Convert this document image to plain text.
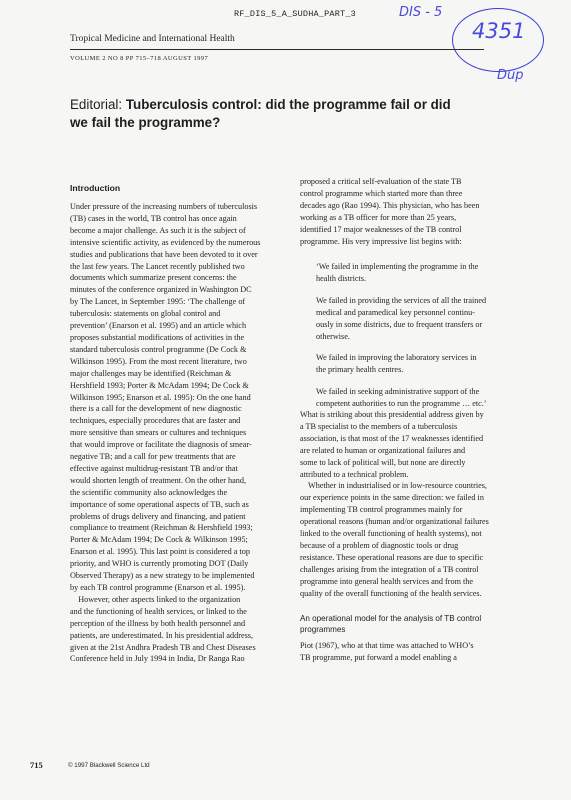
RF_DIS_5_A_SUDHA_PART_3	DIS - 5
4351
Dup
Tropical Medicine and International Health
VOLUME 2 NO 8 PP 715–718 AUGUST 1997
Editorial: Tuberculosis control: did the programme fail or did
we fail the programme?
Introduction
Under pressure of the increasing numbers of tuberculosis
(TB) cases in the world, TB control has once again
become a major challenge. As such it is the subject of
intensive scientific activity, as evidenced by the numerous
studies and publications that have been devoted to it over
the last few years. The Lancet recently published two
documents which summarize present concerns: the
minutes of the conference organized in Washington DC
by The Lancet, in September 1995: ‘The challenge of
tuberculosis: statements on global control and
prevention’ (Enarson et al. 1995) and an article which
proposes substantial modifications of activities in the
standard tuberculosis control programme (De Cock &
Wilkinson 1995). From the most recent literature, two
major challenges may be identified (Reichman &
Hershfield 1993; Porter & McAdam 1994; De Cock &
Wilkinson 1995; Enarson et al. 1995): On the one hand
there is a call for the development of new diagnostic
techniques, especially procedures that are faster and
more sensitive than smears or cultures and techniques
that would improve or facilitate the diagnosis of smear-
negative TB; and a call for pew treatments that are
effective against multidrug-resistant TB and/or that
would shorten length of treatment. On the other hand,
the scientific community also acknowledges the
importance of some operational aspects of TB, such as
problems of drugs delivery and financing, and patient
compliance to treatment (Reichman & Hershfield 1993;
Porter & McAdam 1994; De Cock & Wilkinson 1995;
Enarson et al. 1995). This last point is considered a top
priority, and WHO is currently promoting DOT (Daily
Observed Therapy) as a new strategy to be implemented
by each TB control programme (Enarson et al. 1995).
However, other aspects linked to the organization
and the functioning of health services, or linked to the
perception of the illness by both health personnel and
patients, are underestimated. In his presidential address,
given at the 21st Andhra Pradesh TB and Chest Diseases
Conference held in July 1994 in India, Dr Ranga Rao
proposed a critical self-evaluation of the state TB
control programme which started more than three
decades ago (Rao 1994). This physician, who has been
working as a TB officer for more than 25 years,
identified 17 major weaknesses of the TB control
programme. His very impressive list begins with:
‘We failed in implementing the programme in the
health districts.
We failed in providing the services of all the trained
medical and paramedical key personnel continu-
ously in some districts, due to frequent transfers or
otherwise.
We failed in improving the laboratory services in
the primary health centres.
We failed in seeking administrative support of the
competent authorities to run the programme … etc.’
What is striking about this presidential address given by
a TB specialist to the members of a tuberculosis
association, is that most of the 17 weaknesses identified
are related to human or organizational failures and
some to lack of political will, but none are directly
attributed to a technical problem.
Whether in industrialised or in low-resource countries,
our experience points in the same direction: we failed in
implementing TB control programmes mainly for
operational reasons (human and/or organizational failures
linked to the overall functioning of health systems), not
because of a problem of diagnostic tools or drug
resistance. These operational reasons are due to specific
challenges arising from the integration of a TB control
programme into general health services and from the
quality of the overall functioning of the health services.
An operational model for the analysis of TB control
programmes
Piot (1967), who at that time was attached to WHO’s
TB programme, put forward a model enabling a
715	© 1997 Blackwell Science Ltd
